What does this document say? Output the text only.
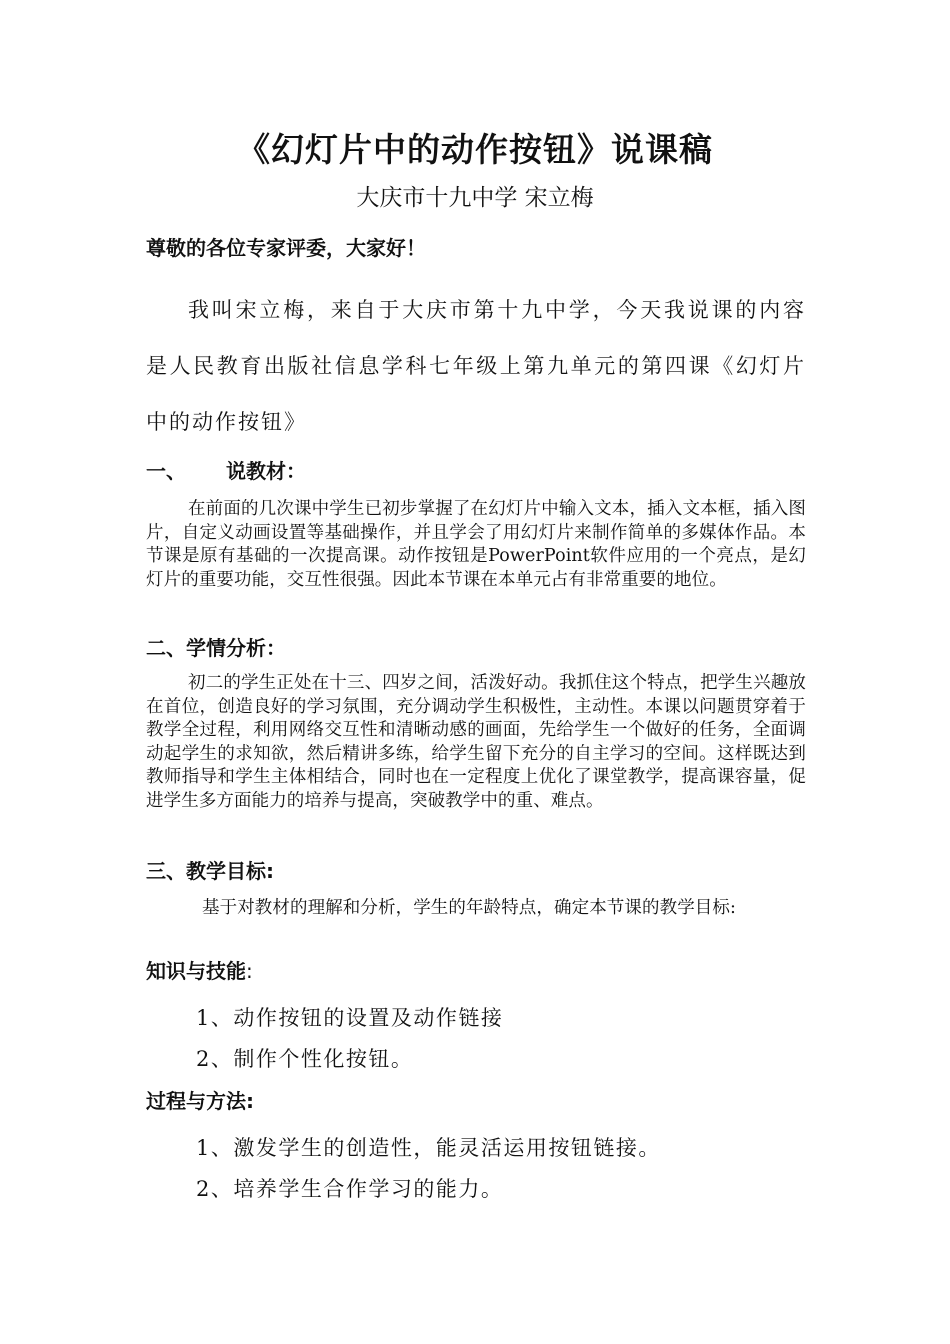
《幻灯片中的动作按钮》说课稿
大庆市十九中学 宋立梅
尊敬的各位专家评委，大家好！
我叫宋立梅，来自于大庆市第十九中学，今天我说课的内容是人民教育出版社信息学科七年级上第九单元的第四课《幻灯片中的动作按钮》
一、 说教材：
在前面的几次课中学生已初步掌握了在幻灯片中输入文本，插入文本框，插入图片，自定义动画设置等基础操作，并且学会了用幻灯片来制作简单的多媒体作品。本节课是原有基础的一次提高课。动作按钮是PowerPoint软件应用的一个亮点，是幻灯片的重要功能，交互性很强。因此本节课在本单元占有非常重要的地位。
二、学情分析：
初二的学生正处在十三、四岁之间，活泼好动。我抓住这个特点，把学生兴趣放在首位，创造良好的学习氛围，充分调动学生积极性，主动性。本课以问题贯穿着于教学全过程，利用网络交互性和清晰动感的画面，先给学生一个做好的任务，全面调动起学生的求知欲，然后精讲多练，给学生留下充分的自主学习的空间。这样既达到教师指导和学生主体相结合，同时也在一定程度上优化了课堂教学，提高课容量，促进学生多方面能力的培养与提高，突破教学中的重、难点。
三、教学目标:
基于对教材的理解和分析，学生的年龄特点，确定本节课的教学目标:
知识与技能:
1、动作按钮的设置及动作链接
2、制作个性化按钮。
过程与方法:
1、激发学生的创造性，能灵活运用按钮链接。
2、培养学生合作学习的能力。
